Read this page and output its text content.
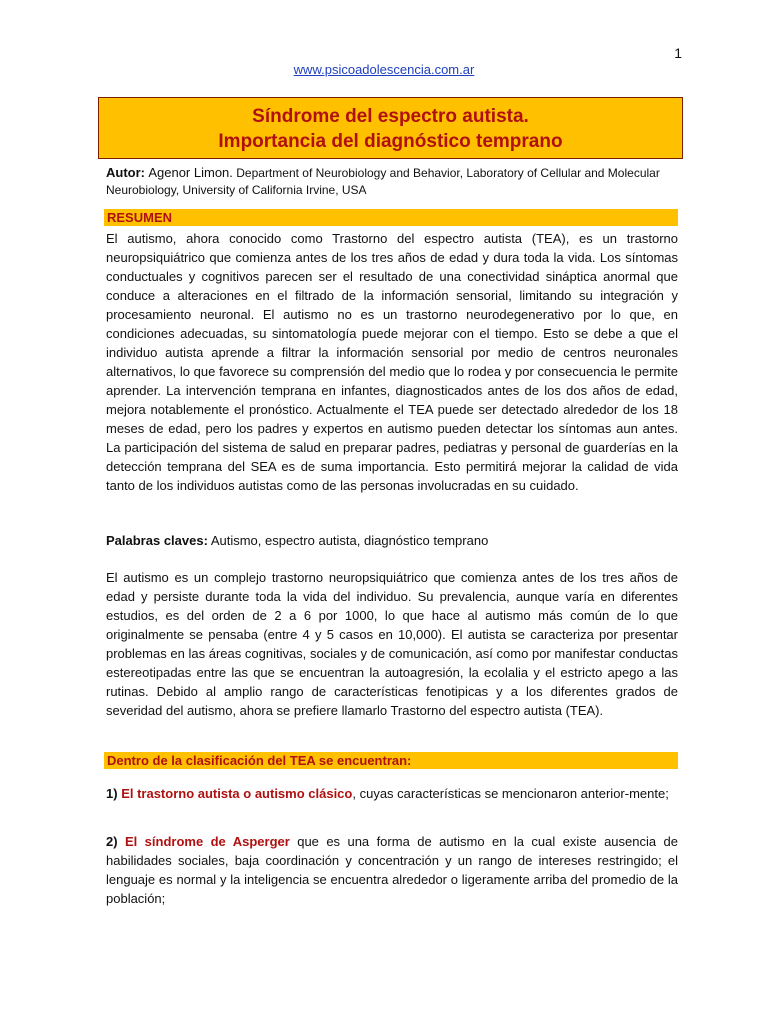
1
www.psicoadolescencia.com.ar
Síndrome del espectro autista.
Importancia del diagnóstico temprano
Autor: Agenor Limon. Department of Neurobiology and Behavior, Laboratory of Cellular and Molecular Neurobiology, University of California Irvine, USA
RESUMEN
El autismo, ahora conocido como Trastorno del espectro autista (TEA), es un trastorno neuropsiquiátrico que comienza antes de los tres años de edad y dura toda la vida. Los síntomas conductuales y cognitivos parecen ser el resultado de una conectividad sináptica anormal que conduce a alteraciones en el filtrado de la información sensorial, limitando su integración y procesamiento neuronal. El autismo no es un trastorno neurodegenerativo por lo que, en condiciones adecuadas, su sintomatología puede mejorar con el tiempo. Esto se debe a que el individuo autista aprende a filtrar la información sensorial por medio de centros neuronales alternativos, lo que favorece su comprensión del medio que lo rodea y por consecuencia le permite aprender. La intervención temprana en infantes, diagnosticados antes de los dos años de edad, mejora notablemente el pronóstico. Actualmente el TEA puede ser detectado alrededor de los 18 meses de edad, pero los padres y expertos en autismo pueden detectar los síntomas aun antes. La participación del sistema de salud en preparar padres, pediatras y personal de guarderías en la detección temprana del SEA es de suma importancia. Esto permitirá mejorar la calidad de vida tanto de los individuos autistas como de las personas involucradas en su cuidado.
Palabras claves: Autismo, espectro autista, diagnóstico temprano
El autismo es un complejo trastorno neuropsiquiátrico que comienza antes de los tres años de edad y persiste durante toda la vida del individuo. Su prevalencia, aunque varía en diferentes estudios, es del orden de 2 a 6 por 1000, lo que hace al autismo más común de lo que originalmente se pensaba (entre 4 y 5 casos en 10,000). El autista se caracteriza por presentar problemas en las áreas cognitivas, sociales y de comunicación, así como por manifestar conductas estereotipadas entre las que se encuentran la autoagresión, la ecolalia y el estricto apego a las rutinas. Debido al amplio rango de características fenotipicas y a los diferentes grados de severidad del autismo, ahora se prefiere llamarlo Trastorno del espectro autista (TEA).
Dentro de la clasificación del TEA se encuentran:
1) El trastorno autista o autismo clásico, cuyas características se mencionaron anterior-mente;
2) El síndrome de Asperger que es una forma de autismo en la cual existe ausencia de habilidades sociales, baja coordinación y concentración y un rango de intereses restringido; el lenguaje es normal y la inteligencia se encuentra alrededor o ligeramente arriba del promedio de la población;
